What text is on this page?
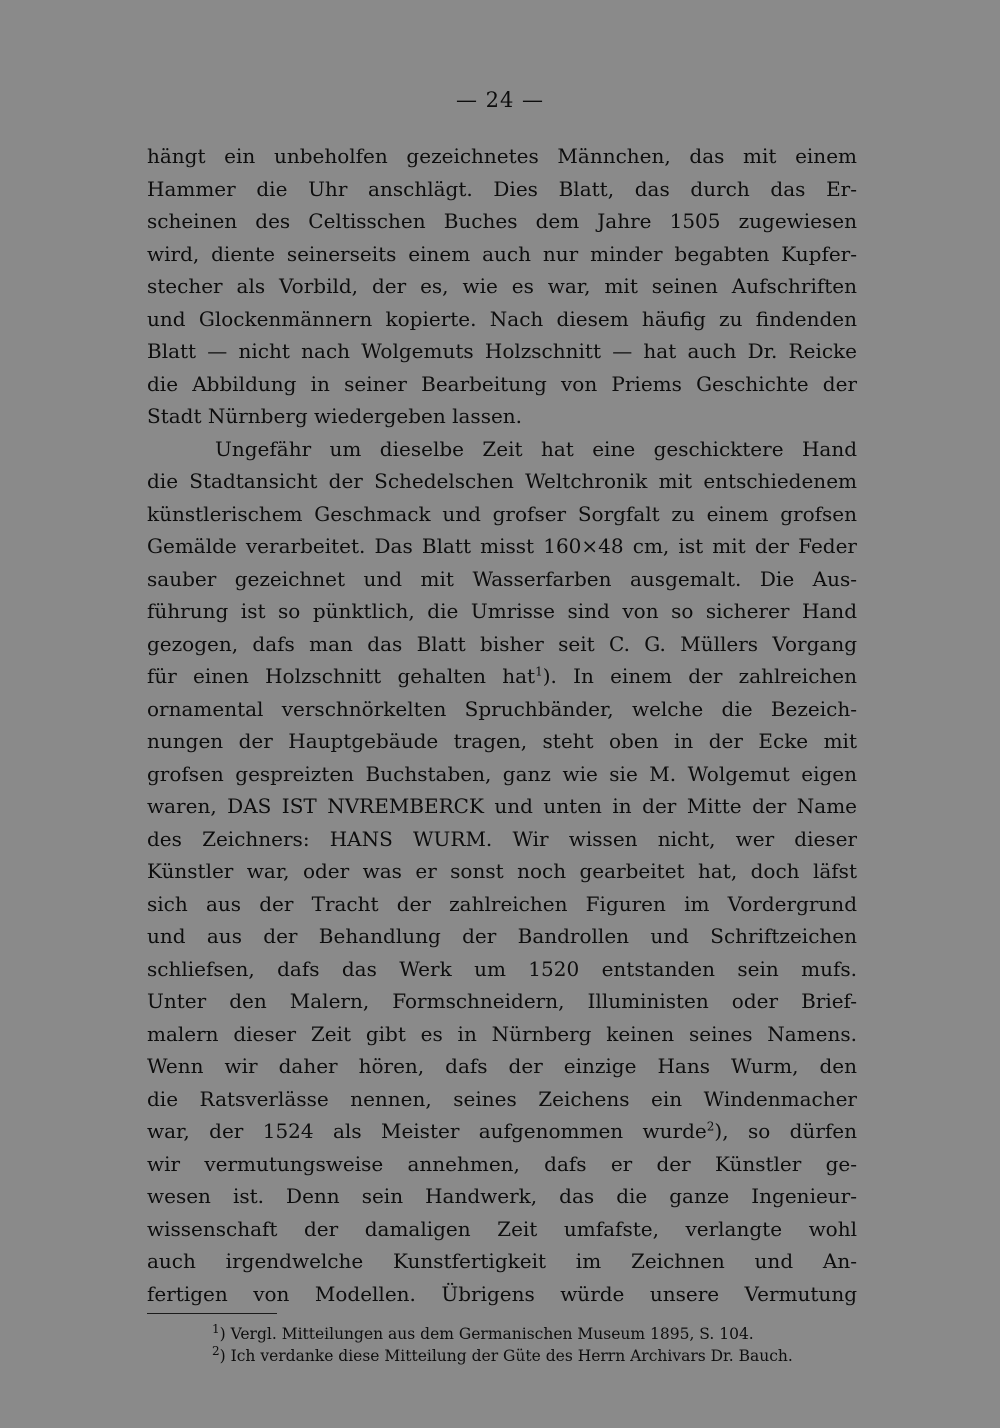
— 24 —
hängt ein unbeholfen gezeichnetes Männchen, das mit einem
Hammer die Uhr anschlägt. Dies Blatt, das durch das Er-
scheinen des Celtisschen Buches dem Jahre 1505 zugewiesen
wird, diente seinerseits einem auch nur minder begabten Kupfer-
stecher als Vorbild, der es, wie es war, mit seinen Aufschriften
und Glockenmännern kopierte. Nach diesem häufig zu findenden
Blatt — nicht nach Wolgemuts Holzschnitt — hat auch Dr. Reicke
die Abbildung in seiner Bearbeitung von Priems Geschichte der
Stadt Nürnberg wiedergeben lassen.
Ungefähr um dieselbe Zeit hat eine geschicktere Hand
die Stadtansicht der Schedelschen Weltchronik mit entschiedenem
künstlerischem Geschmack und grofser Sorgfalt zu einem grofsen
Gemälde verarbeitet. Das Blatt misst 160×48 cm, ist mit der Feder
sauber gezeichnet und mit Wasserfarben ausgemalt. Die Aus-
führung ist so pünktlich, die Umrisse sind von so sicherer Hand
gezogen, dafs man das Blatt bisher seit C. G. Müllers Vorgang
für einen Holzschnitt gehalten hat$^1$). In einem der zahlreichen
ornamental verschnörkelten Spruchbänder, welche die Bezeich-
nungen der Hauptgebäude tragen, steht oben in der Ecke mit
grofsen gespreizten Buchstaben, ganz wie sie M. Wolgemut eigen
waren, DAS IST NVREMBERCK und unten in der Mitte der Name
des Zeichners: HANS WURM. Wir wissen nicht, wer dieser
Künstler war, oder was er sonst noch gearbeitet hat, doch läfst
sich aus der Tracht der zahlreichen Figuren im Vordergrund
und aus der Behandlung der Bandrollen und Schriftzeichen
schliefsen, dafs das Werk um 1520 entstanden sein mufs.
Unter den Malern, Formschneidern, Illuministen oder Brief-
malern dieser Zeit gibt es in Nürnberg keinen seines Namens.
Wenn wir daher hören, dafs der einzige Hans Wurm, den
die Ratsverlässe nennen, seines Zeichens ein Windenmacher
war, der 1524 als Meister aufgenommen wurde$^2$), so dürfen
wir vermutungsweise annehmen, dafs er der Künstler ge-
wesen ist. Denn sein Handwerk, das die ganze Ingenieur-
wissenschaft der damaligen Zeit umfafste, verlangte wohl
auch irgendwelche Kunstfertigkeit im Zeichnen und An-
fertigen von Modellen. Übrigens würde unsere Vermutung
$^1$) Vergl. Mitteilungen aus dem Germanischen Museum 1895, S. 104.
$^2$) Ich verdanke diese Mitteilung der Güte des Herrn Archivars Dr. Bauch.
